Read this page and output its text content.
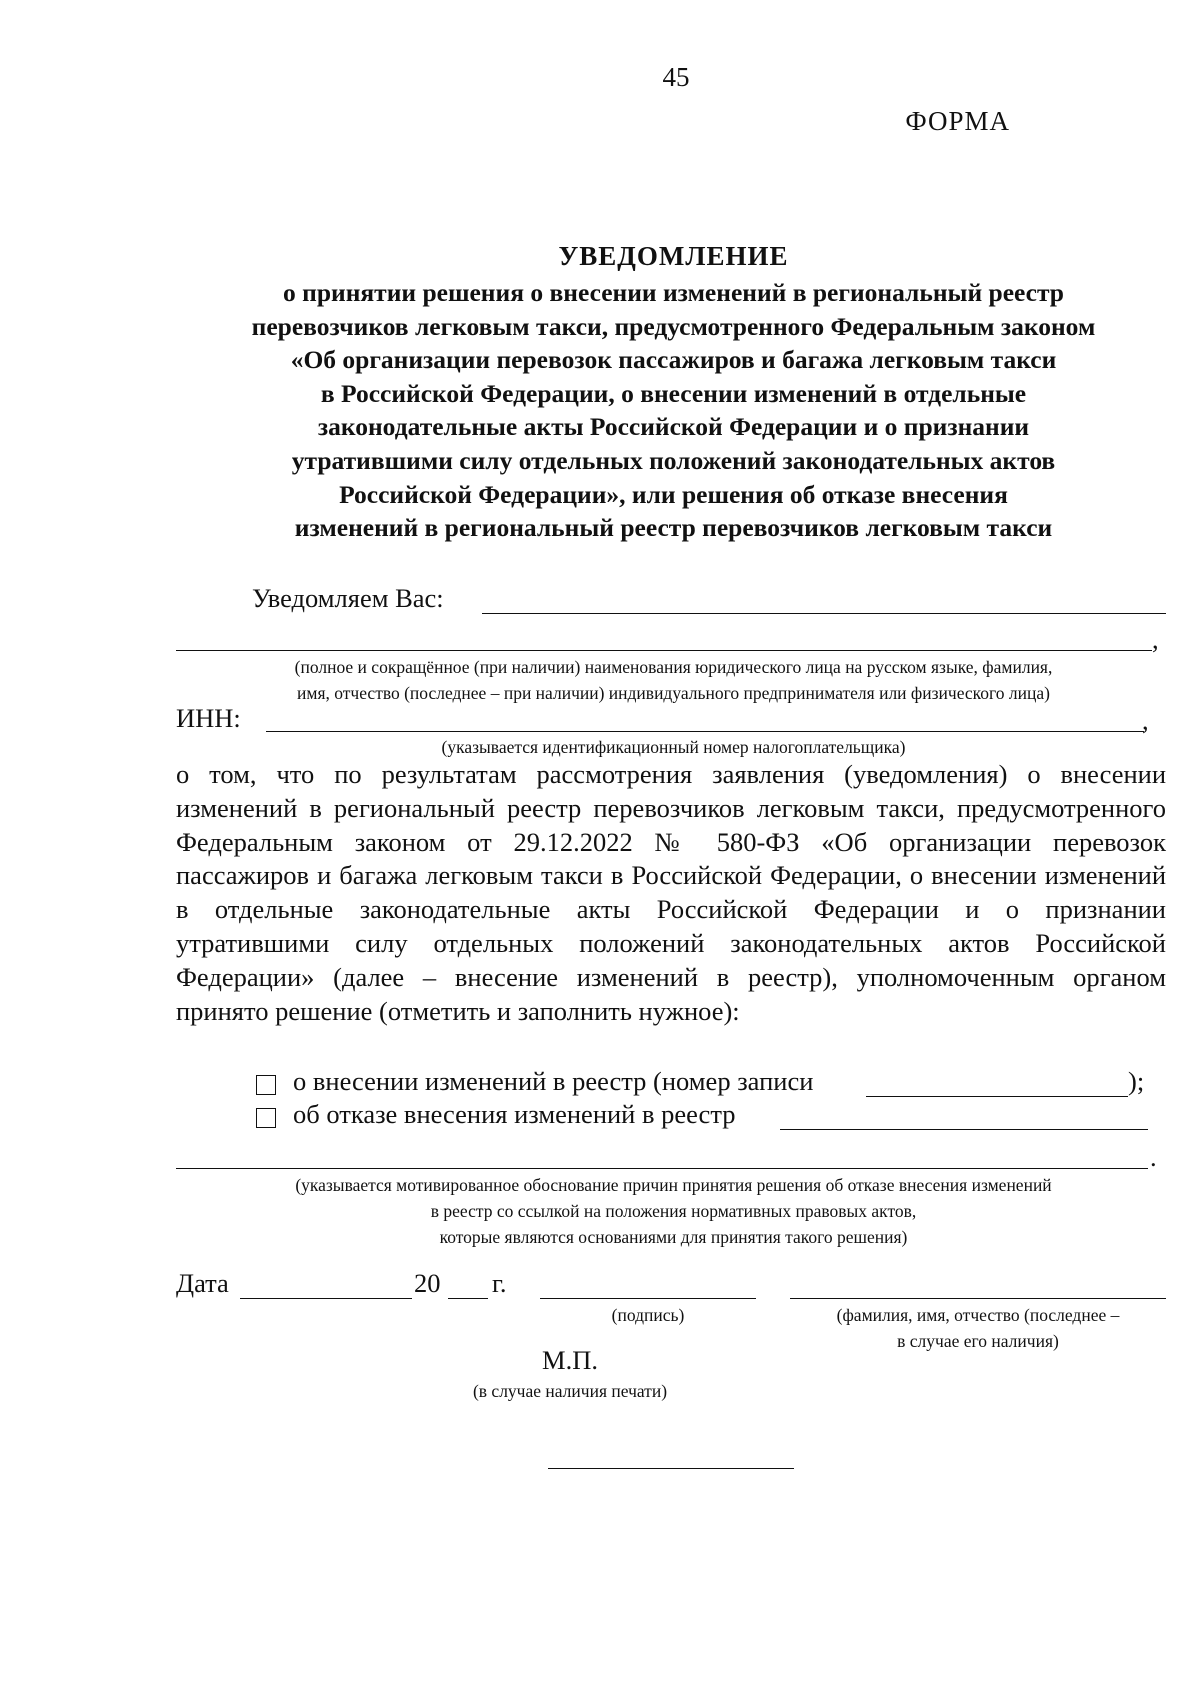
45
ФОРМА
УВЕДОМЛЕНИЕ
о принятии решения о внесении изменений в региональный реестр
перевозчиков легковым такси, предусмотренного Федеральным законом
«Об организации перевозок пассажиров и багажа легковым такси
в Российской Федерации, о внесении изменений в отдельные
законодательные акты Российской Федерации и о признании
утратившими силу отдельных положений законодательных актов
Российской Федерации», или решения об отказе внесения
изменений в региональный реестр перевозчиков легковым такси
Уведомляем Вас:
,
(полное и сокращённое (при наличии) наименования юридического лица на русском языке, фамилия,
имя, отчество (последнее – при наличии) индивидуального предпринимателя или физического лица)
ИНН:	,
(указывается идентификационный номер налогоплательщика)
о том, что по результатам рассмотрения заявления (уведомления) о внесении изменений в региональный реестр перевозчиков легковым такси, предусмотренного Федеральным законом от 29.12.2022 № 580-ФЗ «Об организации перевозок пассажиров и багажа легковым такси в Российской Федерации, о внесении изменений в отдельные законодательные акты Российской Федерации и о признании утратившими силу отдельных положений законодательных актов Российской Федерации» (далее – внесение изменений в реестр), уполномоченным органом принято решение (отметить и заполнить нужное):
о внесении изменений в реестр (номер записи	);
об отказе внесения изменений в реестр
.
(указывается мотивированное обоснование причин принятия решения об отказе внесения изменений
в реестр со ссылкой на положения нормативных правовых актов,
которые являются основаниями для принятия такого решения)
Дата	20 г.
(подпись)	(фамилия, имя, отчество (последнее –
в случае его наличия)
М.П.
(в случае наличия печати)
